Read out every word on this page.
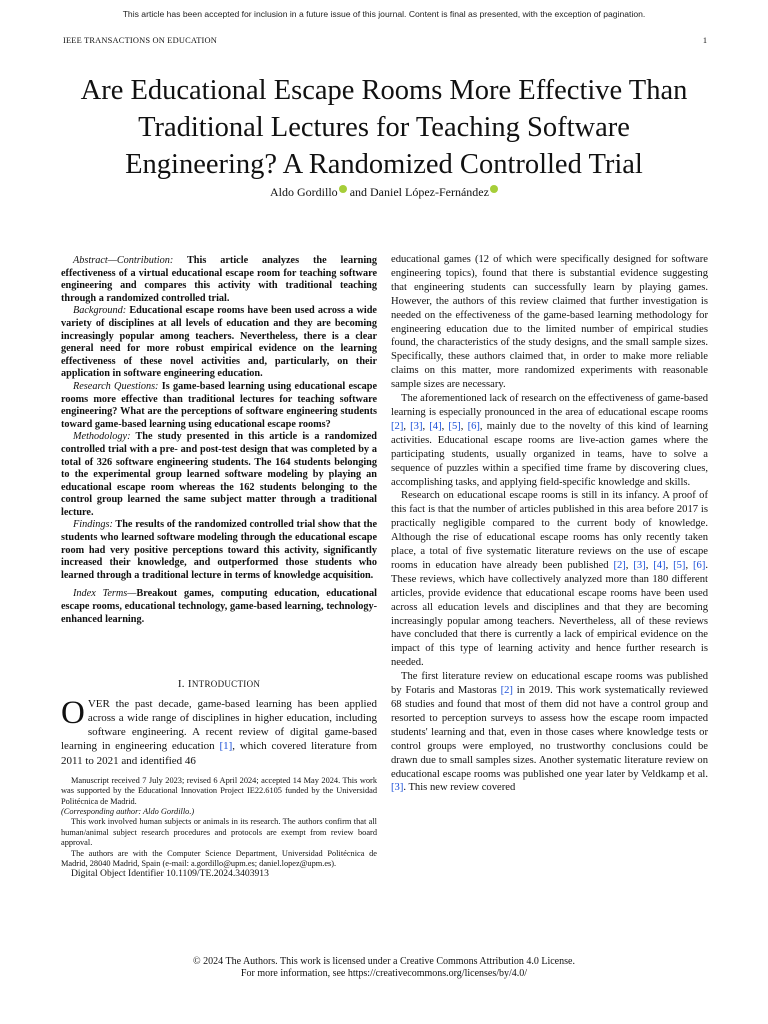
This article has been accepted for inclusion in a future issue of this journal. Content is final as presented, with the exception of pagination.
IEEE TRANSACTIONS ON EDUCATION	1
Are Educational Escape Rooms More Effective Than Traditional Lectures for Teaching Software Engineering? A Randomized Controlled Trial
Aldo Gordillo and Daniel López-Fernández

Abstract—Contribution: This article analyzes the learning effectiveness of a virtual educational escape room for teaching software engineering and compares this activity with traditional teaching through a randomized controlled trial.

Background: Educational escape rooms have been used across a wide variety of disciplines at all levels of education and they are becoming increasingly popular among teachers. Nevertheless, there is a clear general need for more robust empirical evidence on the learning effectiveness of these novel activities and, particularly, on their application in software engineering education.

Research Questions: Is game-based learning using educational escape rooms more effective than traditional lectures for teaching software engineering? What are the perceptions of software engineering students toward game-based learning using educational escape rooms?

Methodology: The study presented in this article is a randomized controlled trial with a pre- and post-test design that was completed by a total of 326 software engineering students. The 164 students belonging to the experimental group learned software modeling by playing an educational escape room whereas the 162 students belonging to the control group learned the same subject matter through a traditional lecture.

Findings: The results of the randomized controlled trial show that the students who learned software modeling through the educational escape room had very positive perceptions toward this activity, significantly increased their knowledge, and outperformed those students who learned through a traditional lecture in terms of knowledge acquisition.

Index Terms—Breakout games, computing education, educational escape rooms, educational technology, game-based learning, technology-enhanced learning.

I. INTRODUCTION
OVER the past decade, game-based learning has been applied across a wide range of disciplines in higher education, including software engineering. A recent review of digital game-based learning in engineering education [1], which covered literature from 2011 to 2021 and identified 46

Manuscript received 7 July 2023; revised 6 April 2024; accepted 14 May 2024. This work was supported by the Educational Innovation Project IE22.6105 funded by the Universidad Politécnica de Madrid.

(Corresponding author: Aldo Gordillo.)

This work involved human subjects or animals in its research. The authors confirm that all human/animal subject research procedures and protocols are exempt from review board approval.

The authors are with the Computer Science Department, Universidad Politécnica de Madrid, 28040 Madrid, Spain (e-mail: a.gordillo@upm.es; daniel.lopez@upm.es).

Digital Object Identifier 10.1109/TE.2024.3403913

educational games (12 of which were specifically designed for software engineering topics), found that there is substantial evidence suggesting that engineering students can successfully learn by playing games. However, the authors of this review claimed that further investigation is needed on the effectiveness of the game-based learning methodology for engineering education due to the limited number of empirical studies found, the characteristics of the study designs, and the small sample sizes. Specifically, these authors claimed that, in order to make more reliable claims on this matter, more randomized experiments with reasonable sample sizes are necessary.

The aforementioned lack of research on the effectiveness of game-based learning is especially pronounced in the area of educational escape rooms [2], [3], [4], [5], [6], mainly due to the novelty of this kind of learning activities. Educational escape rooms are live-action games where the participating students, usually organized in teams, have to solve a sequence of puzzles within a specified time frame by discovering clues, accomplishing tasks, and applying field-specific knowledge and skills.

Research on educational escape rooms is still in its infancy. A proof of this fact is that the number of articles published in this area before 2017 is practically negligible compared to the current body of knowledge. Although the rise of educational escape rooms has only recently taken place, a total of five systematic literature reviews on the use of escape rooms in education have already been published [2], [3], [4], [5], [6]. These reviews, which have collectively analyzed more than 180 different articles, provide evidence that educational escape rooms have been used across all education levels and disciplines and that they are becoming increasingly popular among teachers. Nevertheless, all of these reviews have concluded that there is currently a lack of empirical evidence on the impact of this type of learning activity and hence further research is needed.

The first literature review on educational escape rooms was published by Fotaris and Mastoras [2] in 2019. This work systematically reviewed 68 studies and found that most of them did not have a control group and resorted to perception surveys to assess how the escape room impacted students' learning and that, even in those cases where knowledge tests or control groups were employed, no trustworthy conclusions could be drawn due to small samples sizes. Another systematic literature review on educational escape rooms was published one year later by Veldkamp et al. [3]. This new review covered

© 2024 The Authors. This work is licensed under a Creative Commons Attribution 4.0 License.
For more information, see https://creativecommons.org/licenses/by/4.0/
